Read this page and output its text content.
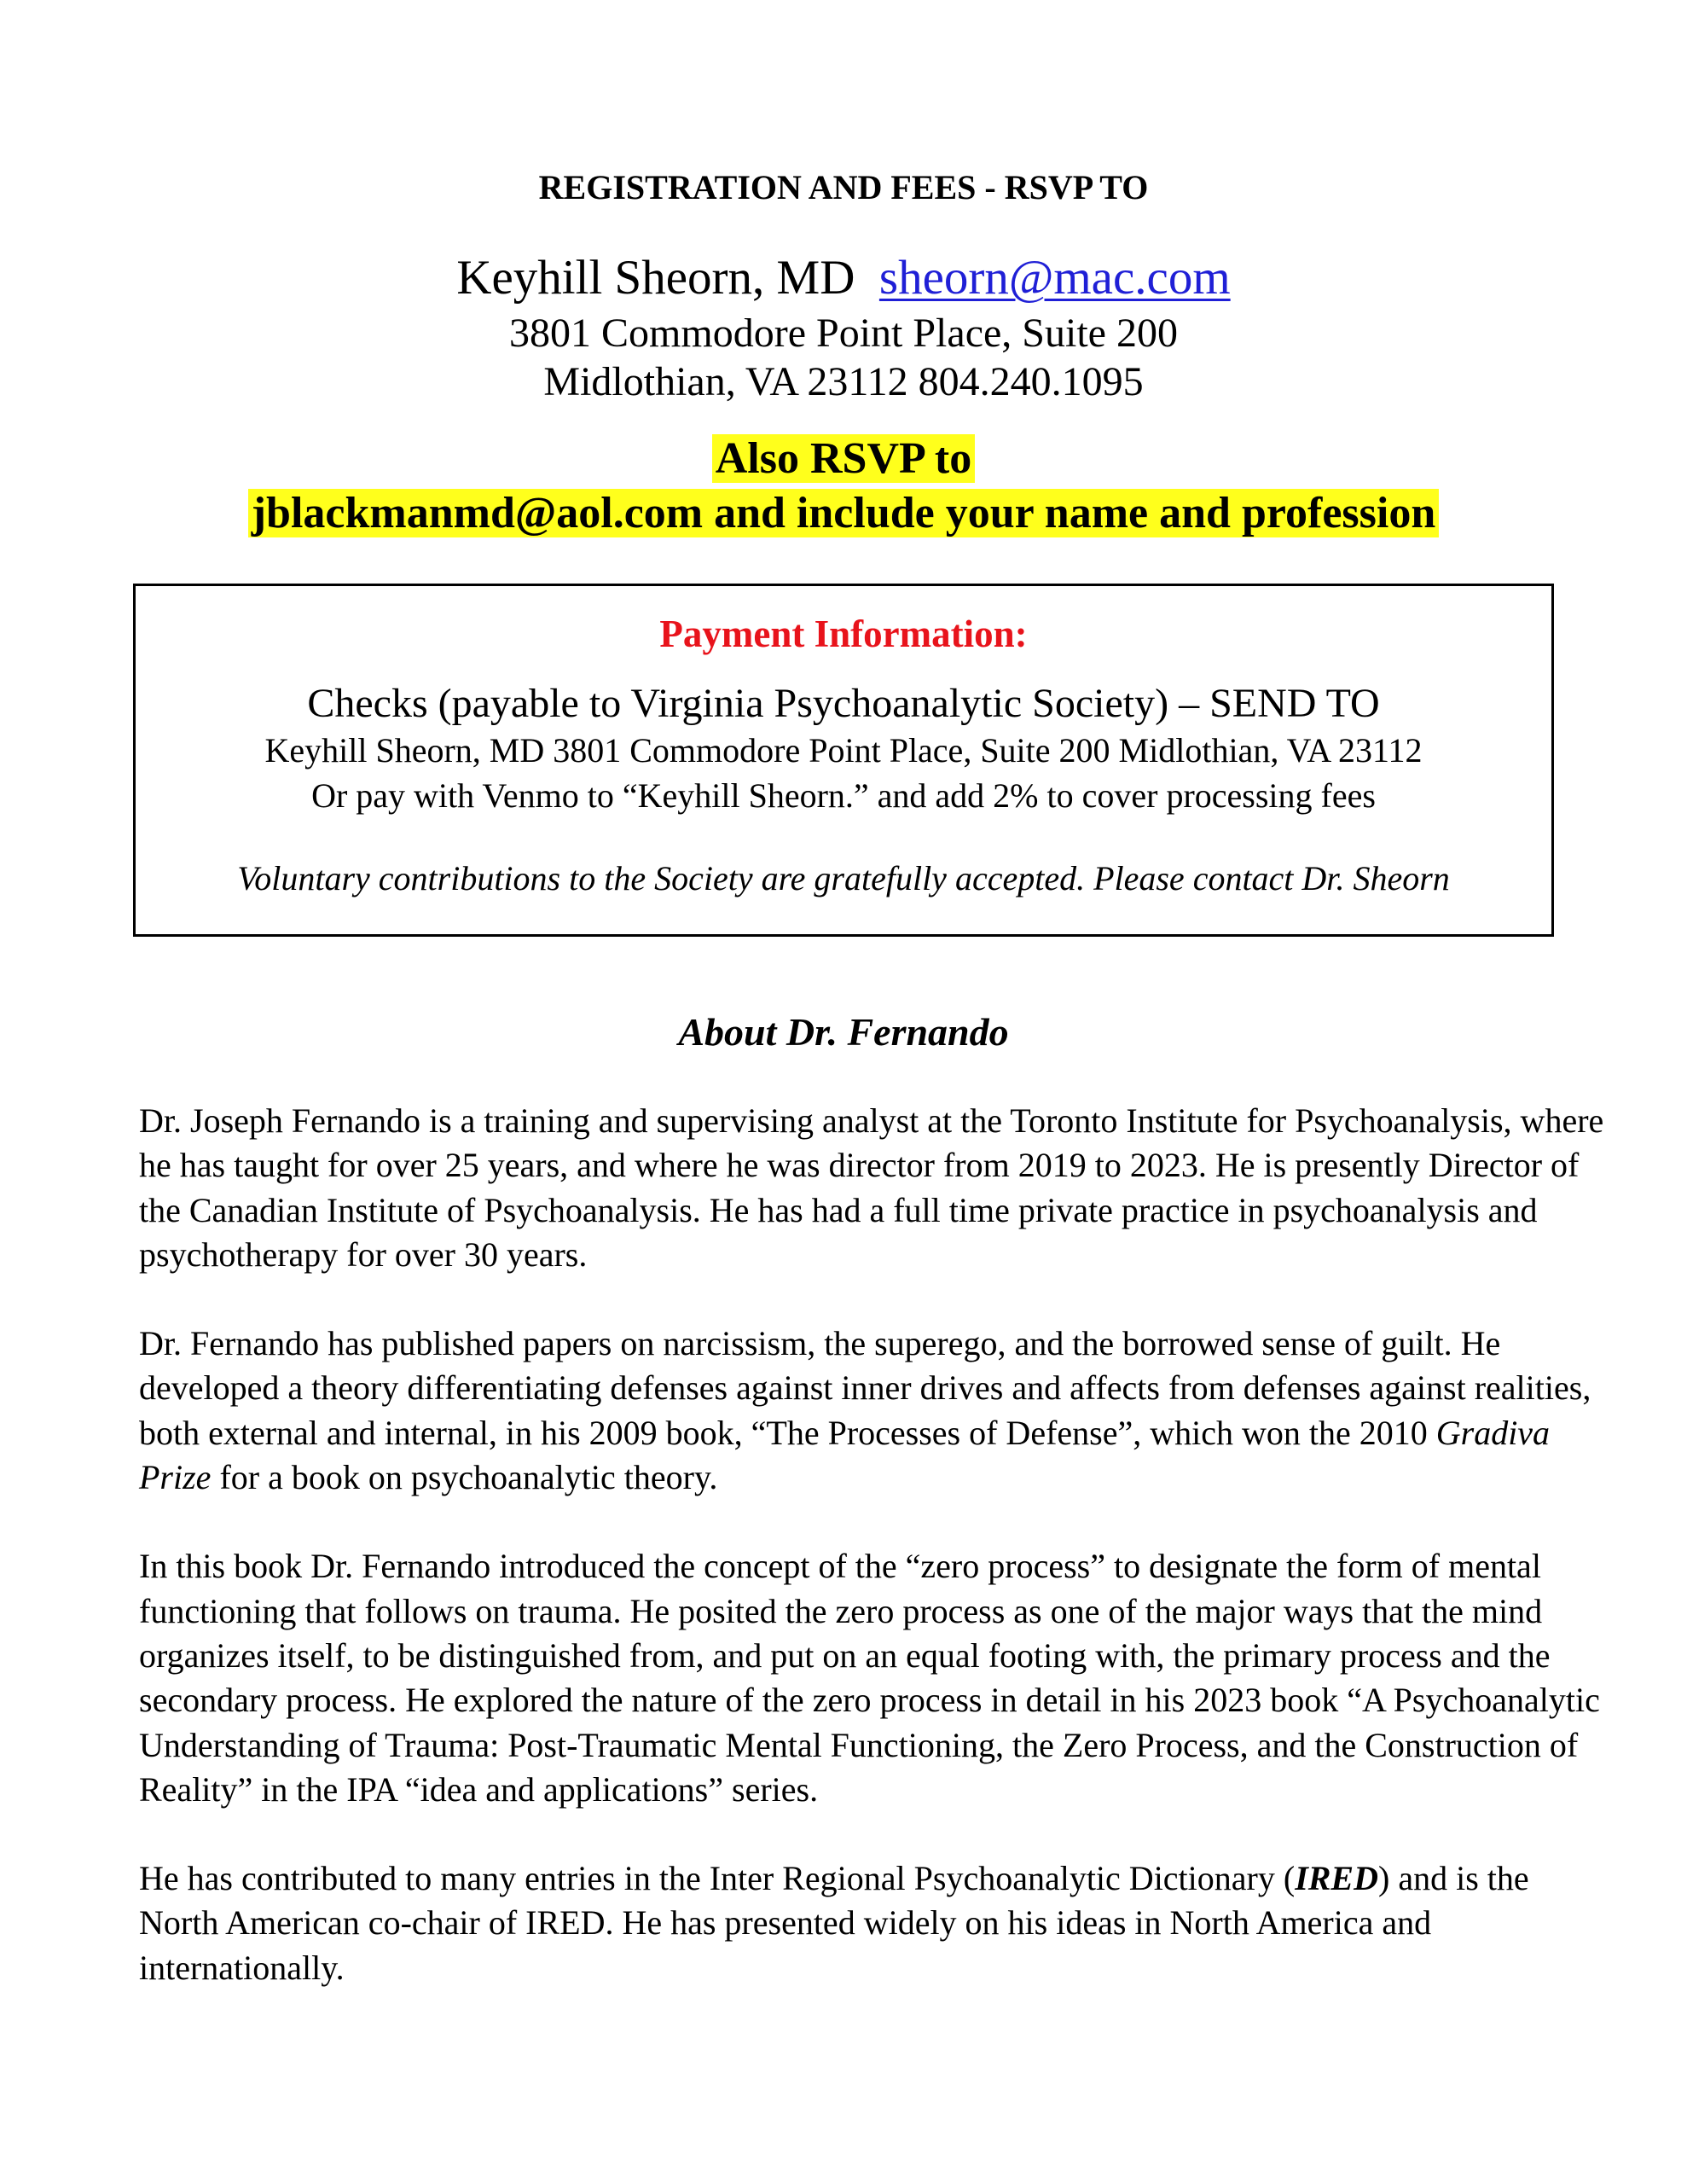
REGISTRATION AND FEES - RSVP TO
Keyhill Sheorn, MD sheorn@mac.com
3801 Commodore Point Place, Suite 200
Midlothian, VA 23112 804.240.1095
Also RSVP to
jblackmanmd@aol.com and include your name and profession
Payment Information:
Checks (payable to Virginia Psychoanalytic Society) – SEND TO
Keyhill Sheorn, MD 3801 Commodore Point Place, Suite 200 Midlothian, VA 23112
Or pay with Venmo to “Keyhill Sheorn.” and add 2% to cover processing fees
Voluntary contributions to the Society are gratefully accepted. Please contact Dr. Sheorn
About Dr. Fernando

Dr. Joseph Fernando is a training and supervising analyst at the Toronto Institute for Psychoanalysis, where he has taught for over 25 years, and where he was director from 2019 to 2023. He is presently Director of the Canadian Institute of Psychoanalysis. He has had a full time private practice in psychoanalysis and psychotherapy for over 30 years.

Dr. Fernando has published papers on narcissism, the superego, and the borrowed sense of guilt. He developed a theory differentiating defenses against inner drives and affects from defenses against realities, both external and internal, in his 2009 book, “The Processes of Defense”, which won the 2010 Gradiva Prize for a book on psychoanalytic theory.

In this book Dr. Fernando introduced the concept of the “zero process” to designate the form of mental functioning that follows on trauma. He posited the zero process as one of the major ways that the mind organizes itself, to be distinguished from, and put on an equal footing with, the primary process and the secondary process. He explored the nature of the zero process in detail in his 2023 book “A Psychoanalytic Understanding of Trauma: Post-Traumatic Mental Functioning, the Zero Process, and the Construction of Reality” in the IPA “idea and applications” series.

He has contributed to many entries in the Inter Regional Psychoanalytic Dictionary (IRED) and is the North American co-chair of IRED. He has presented widely on his ideas in North America and internationally.
